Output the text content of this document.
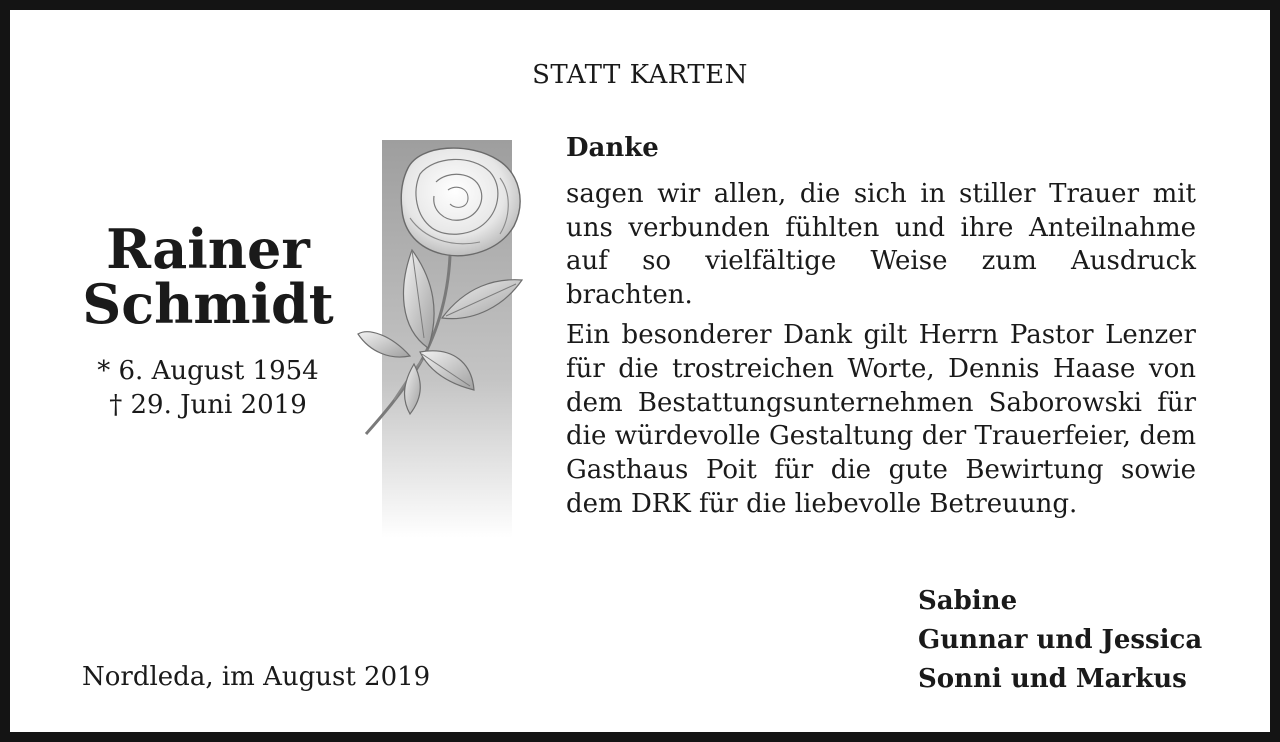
STATT KARTEN
Rainer
Schmidt
* 6. August 1954
† 29. Juni 2019
Danke

sagen wir allen, die sich in stiller Trauer mit uns verbunden fühlten und ihre Anteilnahme auf so vielfältige Weise zum Ausdruck brachten.

Ein besonderer Dank gilt Herrn Pastor Lenzer für die trostreichen Worte, Dennis Haase von dem Bestattungsunternehmen Saborowski für die würdevolle Gestaltung der Trauerfeier, dem Gasthaus Poit für die gute Bewirtung sowie dem DRK für die liebevolle Betreuung.

Sabine
Gunnar und Jessica
Sonni und Markus
Nordleda, im August 2019
